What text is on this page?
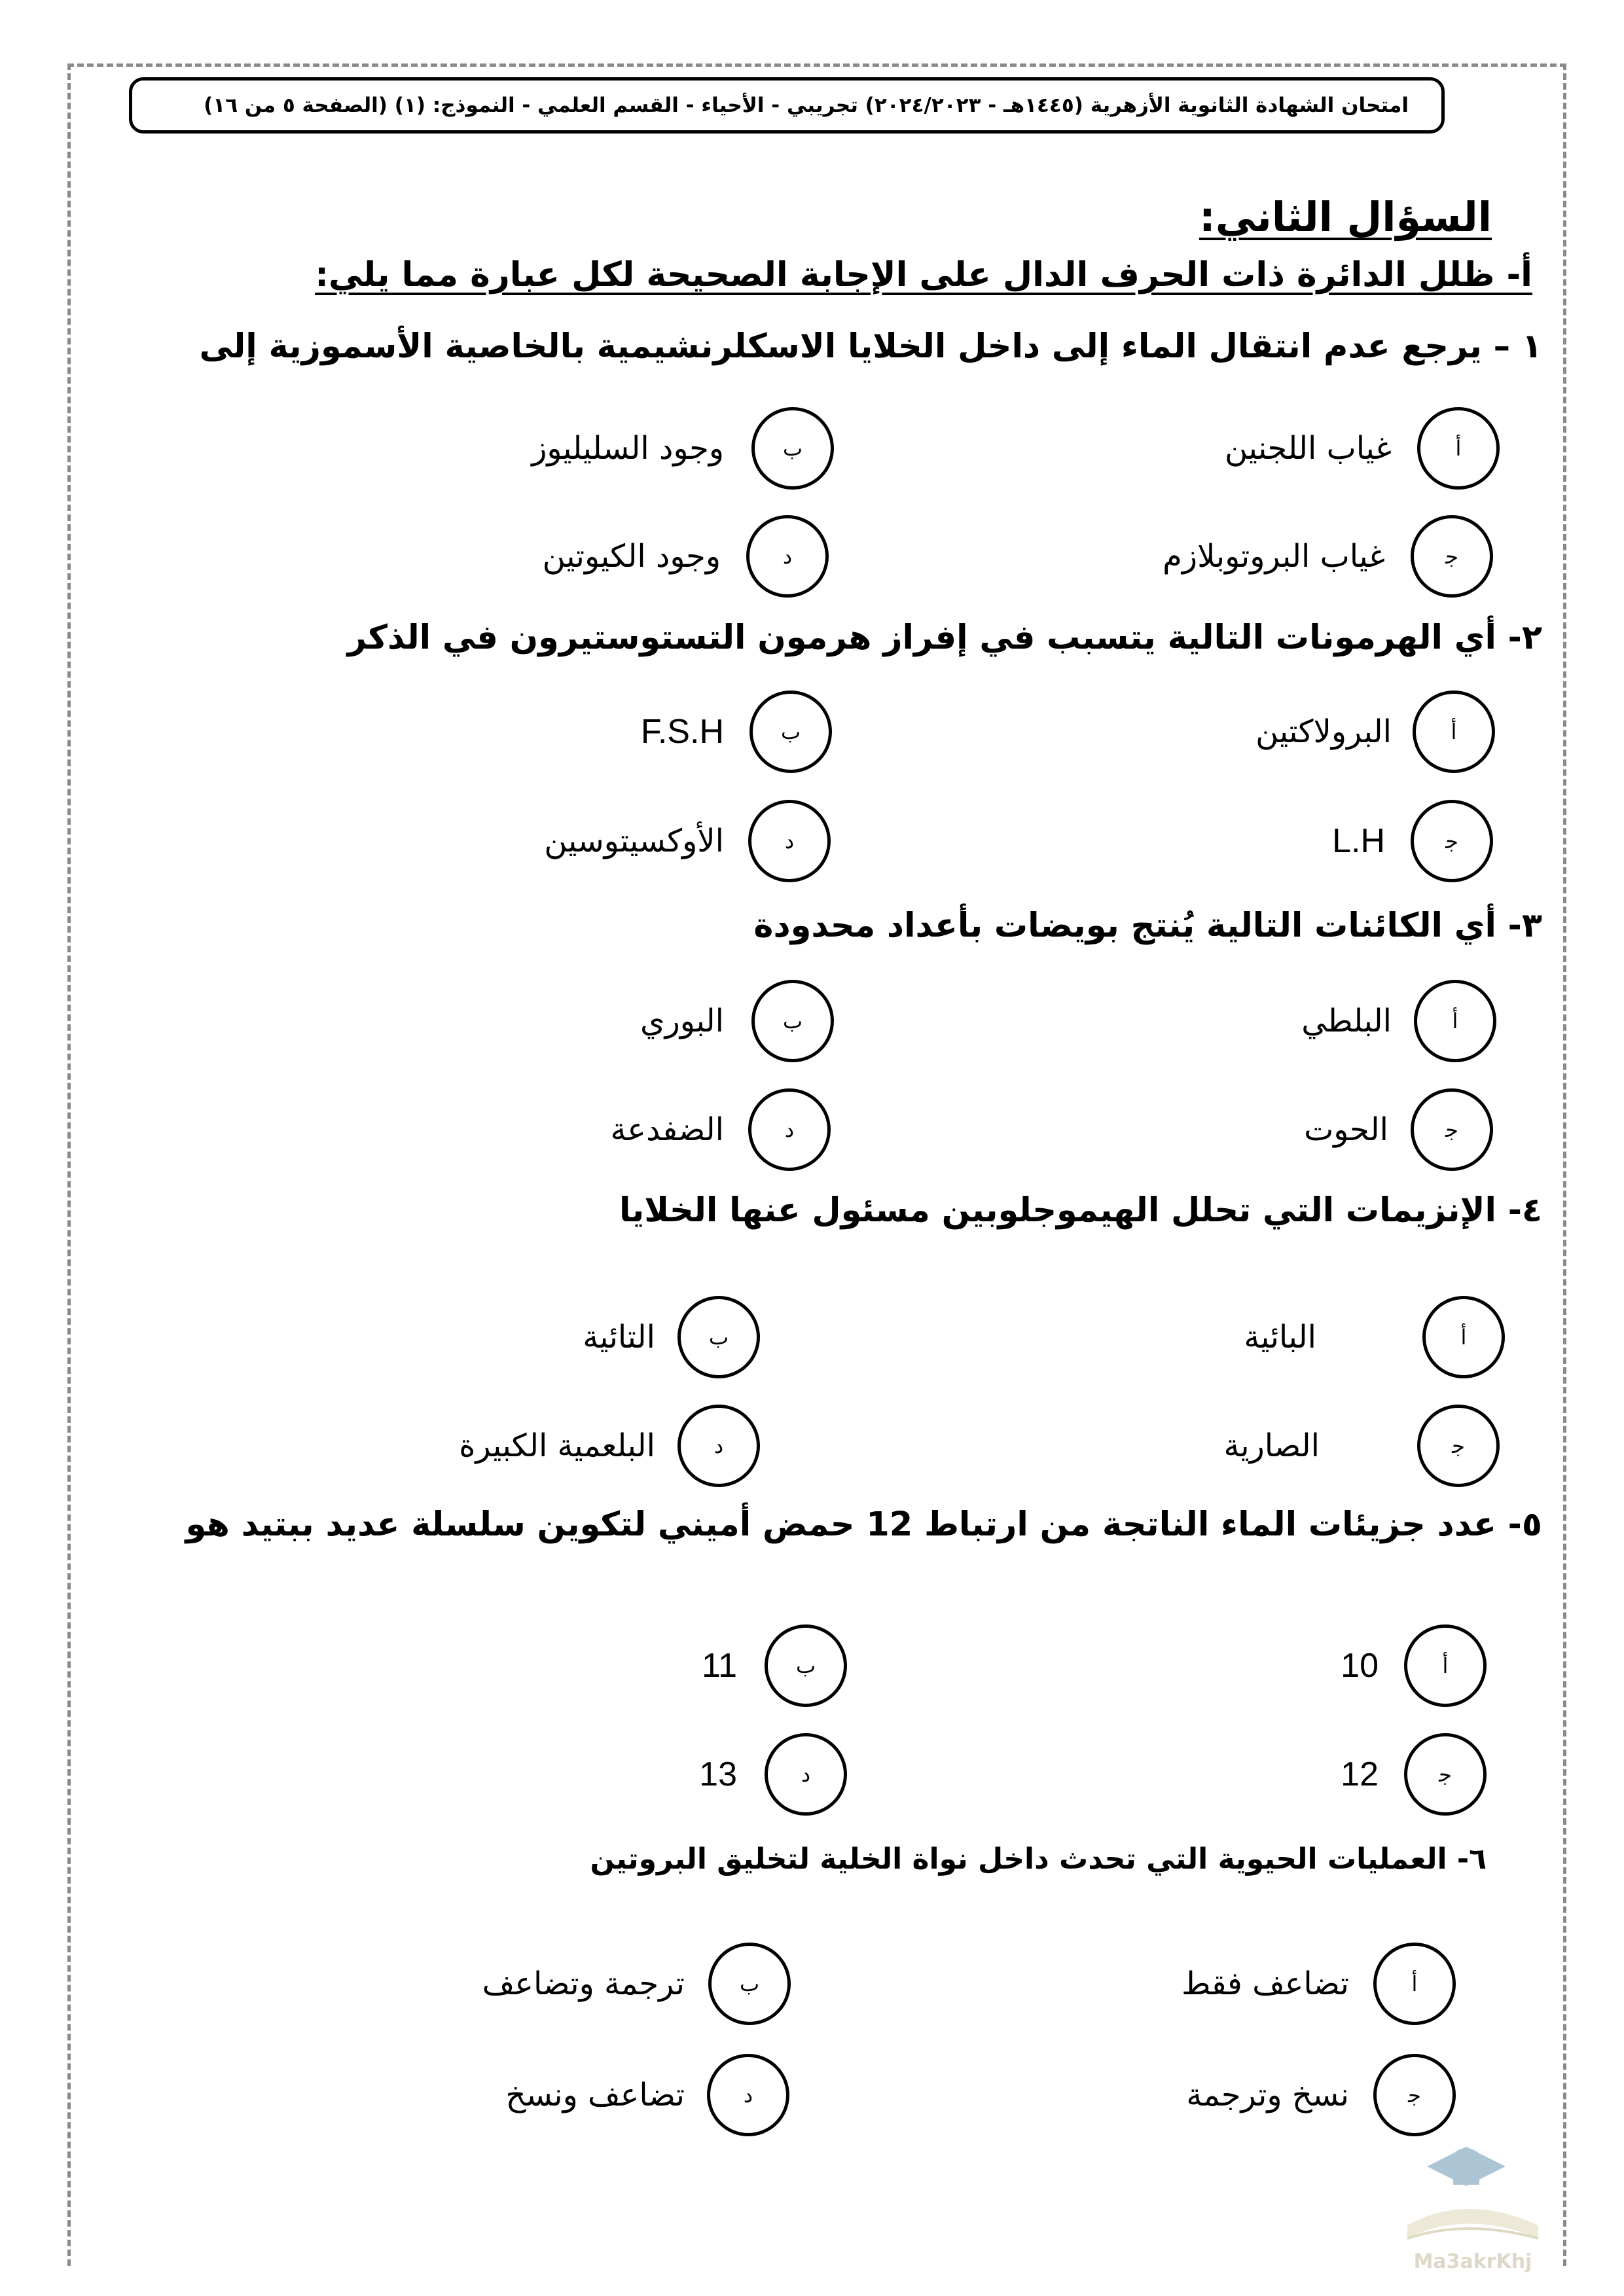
امتحان الشهادة الثانوية الأزهرية (١٤٤٥هـ - ٢٠٢٤/٢٠٢٣) تجريبي - الأحياء - القسم العلمي - النموذج: (١) (الصفحة ٥ من ١٦)
السؤال الثاني:
أ- ظلل الدائرة ذات الحرف الدال على الإجابة الصحيحة لكل عبارة مما يلي:
١ – يرجع عدم انتقال الماء إلى داخل الخلايا الاسكلرنشيمية بالخاصية الأسموزية إلى
أ
غياب اللجنين
ب
وجود السليليوز
ﺟ
غياب البروتوبلازم
د
وجود الكيوتين
٢- أي الهرمونات التالية يتسبب في إفراز هرمون التستوستيرون في الذكر
أ
البرولاكتين
ب
F.S.H
ﺟ
L.H
د
الأوكسيتوسين
٣- أي الكائنات التالية يُنتج بويضات بأعداد محدودة
أ
البلطي
ب
البوري
ﺟ
الحوت
د
الضفدعة
٤- الإنزيمات التي تحلل الهيموجلوبين مسئول عنها الخلايا
أ
البائية
ب
التائية
ﺟ
الصارية
د
البلعمية الكبيرة
٥- عدد جزيئات الماء الناتجة من ارتباط 12 حمض أميني لتكوين سلسلة عديد ببتيد هو
أ
10
ب
11
ﺟ
12
د
13
٦- العمليات الحيوية التي تحدث داخل نواة الخلية لتخليق البروتين
أ
تضاعف فقط
ب
ترجمة وتضاعف
ﺟ
نسخ وترجمة
د
تضاعف ونسخ
Ma3akrKhj
